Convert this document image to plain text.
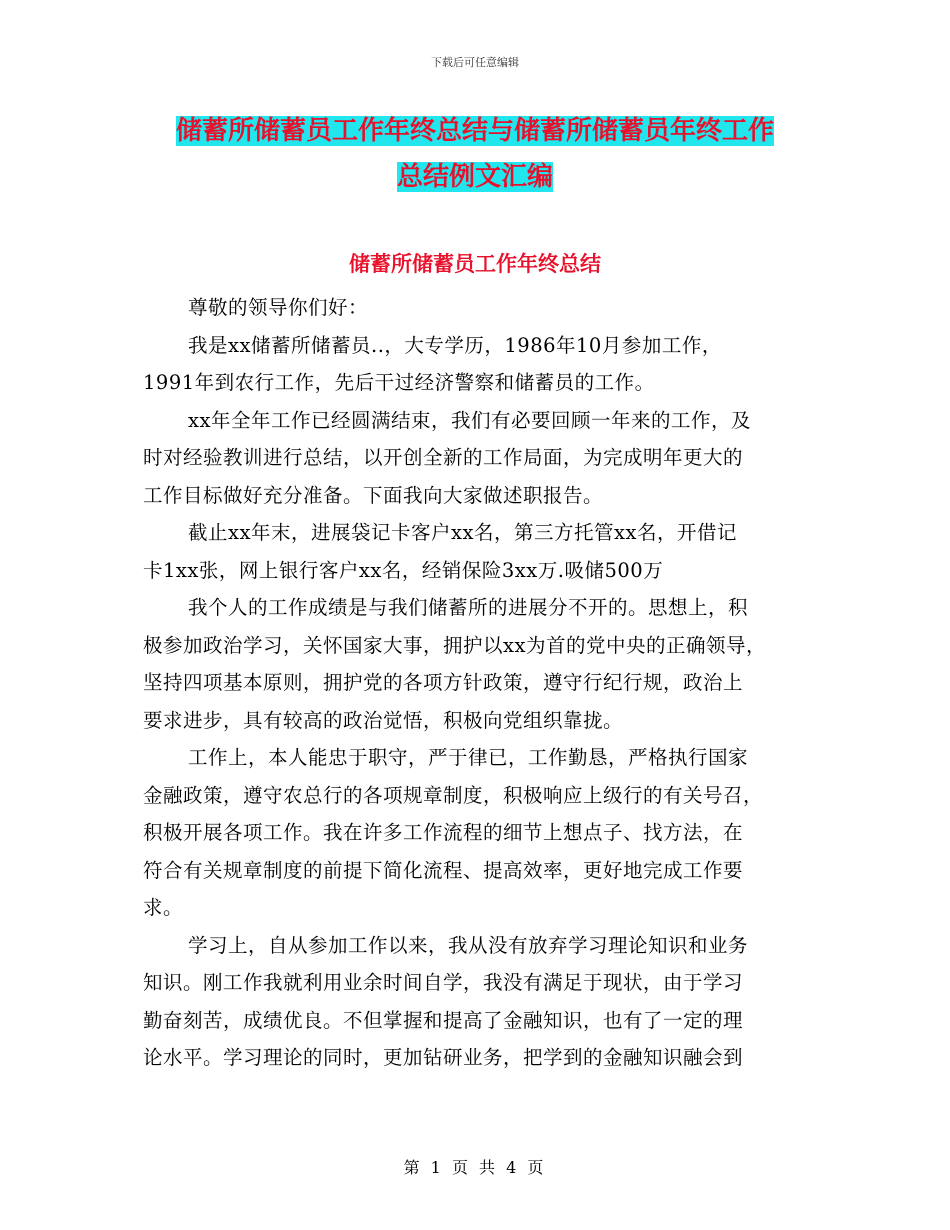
下载后可任意编辑
储蓄所储蓄员工作年终总结与储蓄所储蓄员年终工作
总结例文汇编
储蓄所储蓄员工作年终总结
尊敬的领导你们好：
我是xx储蓄所储蓄员..，大专学历，1986年10月参加工作，
1991年到农行工作，先后干过经济警察和储蓄员的工作。
xx年全年工作已经圆满结束，我们有必要回顾一年来的工作，及
时对经验教训进行总结，以开创全新的工作局面，为完成明年更大的
工作目标做好充分准备。下面我向大家做述职报告。
截止xx年末，进展袋记卡客户xx名，第三方托管xx名，开借记
卡1xx张，网上银行客户xx名，经销保险3xx万.吸储500万
我个人的工作成绩是与我们储蓄所的进展分不开的。思想上，积
极参加政治学习，关怀国家大事，拥护以xx为首的党中央的正确领导，
坚持四项基本原则，拥护党的各项方针政策，遵守行纪行规，政治上
要求进步，具有较高的政治觉悟，积极向党组织靠拢。
工作上，本人能忠于职守，严于律已，工作勤恳，严格执行国家
金融政策，遵守农总行的各项规章制度，积极响应上级行的有关号召，
积极开展各项工作。我在许多工作流程的细节上想点子、找方法，在
符合有关规章制度的前提下简化流程、提高效率，更好地完成工作要
求。
学习上，自从参加工作以来，我从没有放弃学习理论知识和业务
知识。刚工作我就利用业余时间自学，我没有满足于现状，由于学习
勤奋刻苦，成绩优良。不但掌握和提高了金融知识，也有了一定的理
论水平。学习理论的同时，更加钻研业务，把学到的金融知识融会到
第 1 页 共 4 页
